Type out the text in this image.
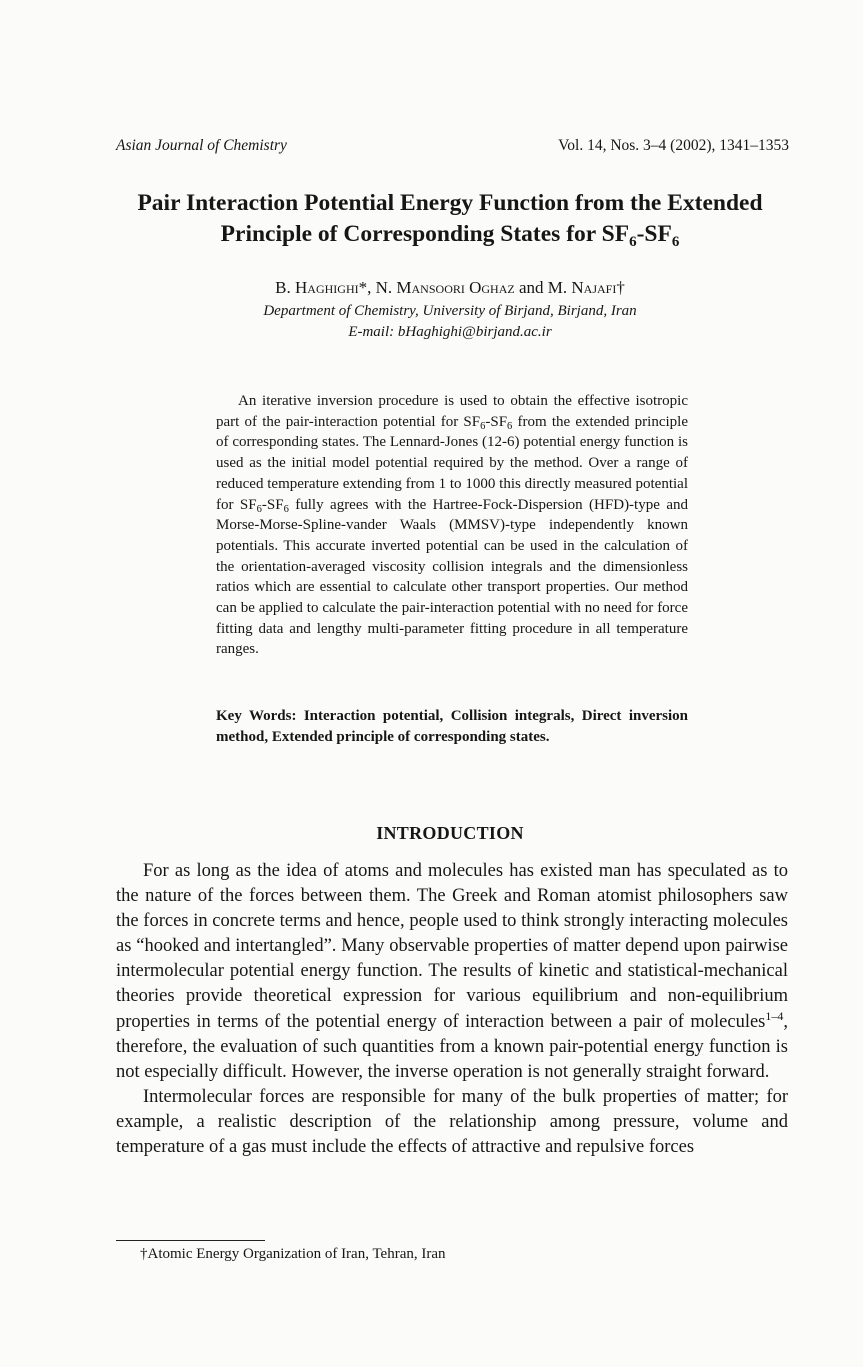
Asian Journal of Chemistry	Vol. 14, Nos. 3–4 (2002), 1341–1353
Pair Interaction Potential Energy Function from the Extended
Principle of Corresponding States for $SF_6-SF_6$
B. Haghighi*, N. Mansoori Oghaz and M. Najafi†
Department of Chemistry, University of Birjand, Birjand, Iran
E-mail: bHaghighi@birjand.ac.ir

An iterative inversion procedure is used to obtain the effective isotropic part of the pair-interaction potential for $SF_6-SF_6$ from the extended principle of corresponding states. The Lennard-Jones (12-6) potential energy function is used as the initial model potential required by the method. Over a range of reduced temperature extending from 1 to 1000 this directly measured potential for $SF_6-SF_6$ fully agrees with the Hartree-Fock-Dispersion (HFD)-type and Morse-Morse-Spline-vander Waals (MMSV)-type independently known potentials. This accurate inverted potential can be used in the calculation of the orientation-averaged viscosity collision integrals and the dimensionless ratios which are essential to calculate other transport properties. Our method can be applied to calculate the pair-interaction potential with no need for force fitting data and lengthy multi-parameter fitting procedure in all temperature ranges.

Key Words: Interaction potential, Collision integrals, Direct inversion method, Extended principle of corresponding states.
INTRODUCTION

For as long as the idea of atoms and molecules has existed man has speculated as to the nature of the forces between them. The Greek and Roman atomist philosophers saw the forces in concrete terms and hence, people used to think strongly interacting molecules as “hooked and intertangled”. Many observable properties of matter depend upon pairwise intermolecular potential energy function. The results of kinetic and statistical-mechanical theories provide theoretical expression for various equilibrium and non-equilibrium properties in terms of the potential energy of interaction between a pair of molecules$^{1-4}$, therefore, the evaluation of such quantities from a known pair-potential energy function is not especially difficult. However, the inverse operation is not generally straight forward.

Intermolecular forces are responsible for many of the bulk properties of matter; for example, a realistic description of the relationship among pressure, volume and temperature of a gas must include the effects of attractive and repulsive forces

†Atomic Energy Organization of Iran, Tehran, Iran
